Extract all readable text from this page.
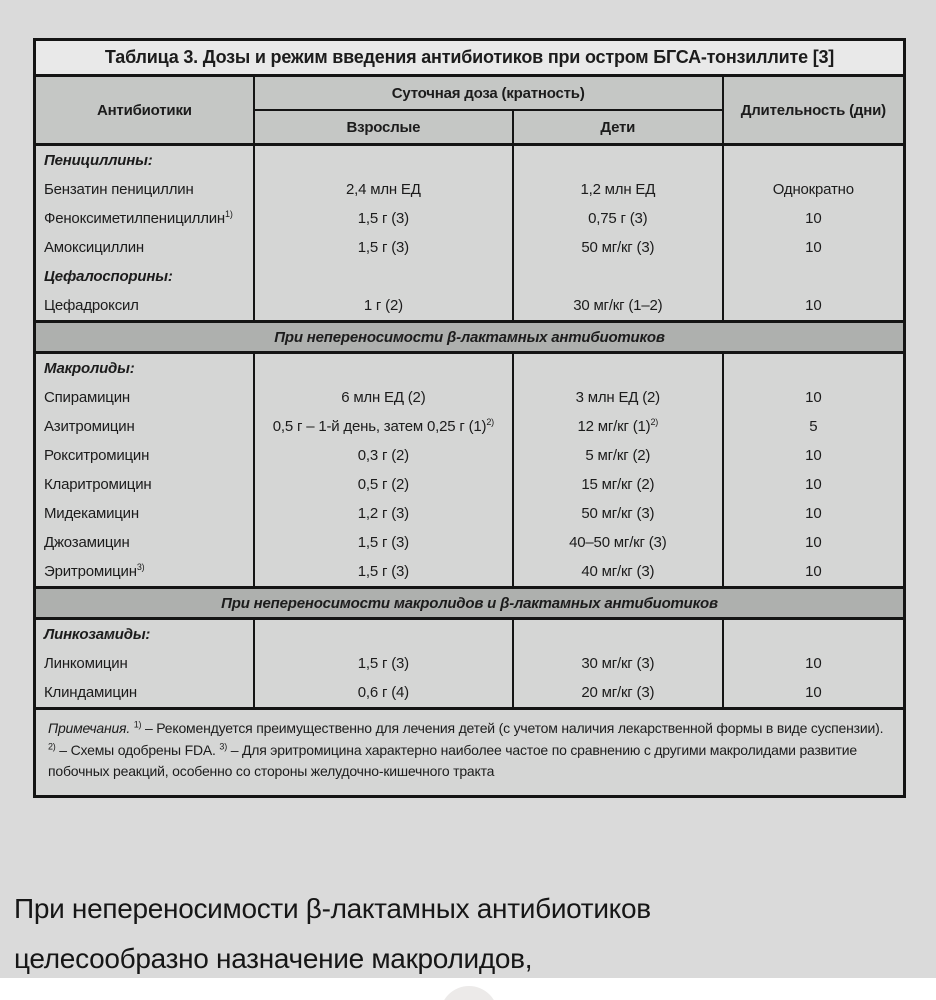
Таблица 3. Дозы и режим введения антибиотиков при остром БГСА-тонзиллите [3]			
Антибиотики	Суточная доза (кратность)		Длительность (дни)
	Взрослые	Дети	
Пенициллины:			
Бензатин пенициллин	2,4 млн ЕД	1,2 млн ЕД	Однократно
Феноксиметилпенициллин$^{1)}$	1,5 г (3)	0,75 г (3)	10
Амоксициллин	1,5 г (3)	50 мг/кг (3)	10
Цефалоспорины:			
Цефадроксил	1 г (2)	30 мг/кг (1–2)	10
При непереносимости β-лактамных антибиотиков			
Макролиды:			
Спирамицин	6 млн ЕД (2)	3 млн ЕД (2)	10
Азитромицин	0,5 г – 1-й день, затем 0,25 г $(1)^{2)}$	12 мг/кг $(1)^{2)}$	5
Рокситромицин	0,3 г (2)	5 мг/кг (2)	10
Кларитромицин	0,5 г (2)	15 мг/кг (2)	10
Мидекамицин	1,2 г (3)	50 мг/кг (3)	10
Джозамицин	1,5 г (3)	40–50 мг/кг (3)	10
Эритромицин$^{3)}$	1,5 г (3)	40 мг/кг (3)	10
При непереносимости макролидов и β-лактамных антибиотиков			
Линкозамиды:			
Линкомицин	1,5 г (3)	30 мг/кг (3)	10
Клиндамицин	0,6 г (4)	20 мг/кг (3)	10

Примечания. $^{1)}$ – Рекомендуется преимущественно для лечения детей (с учетом наличия лекарственной формы в виде суспензии).

$^{2)}$ – Схемы одобрены FDA. $^{3)}$ – Для эритромицина характерно наиболее частое по сравнению с другими макролидами развитие побочных реакций, особенно со стороны желудочно-кишечного тракта			

При непереносимости β-лактамных антибиотиков
целесообразно назначение макролидов,
